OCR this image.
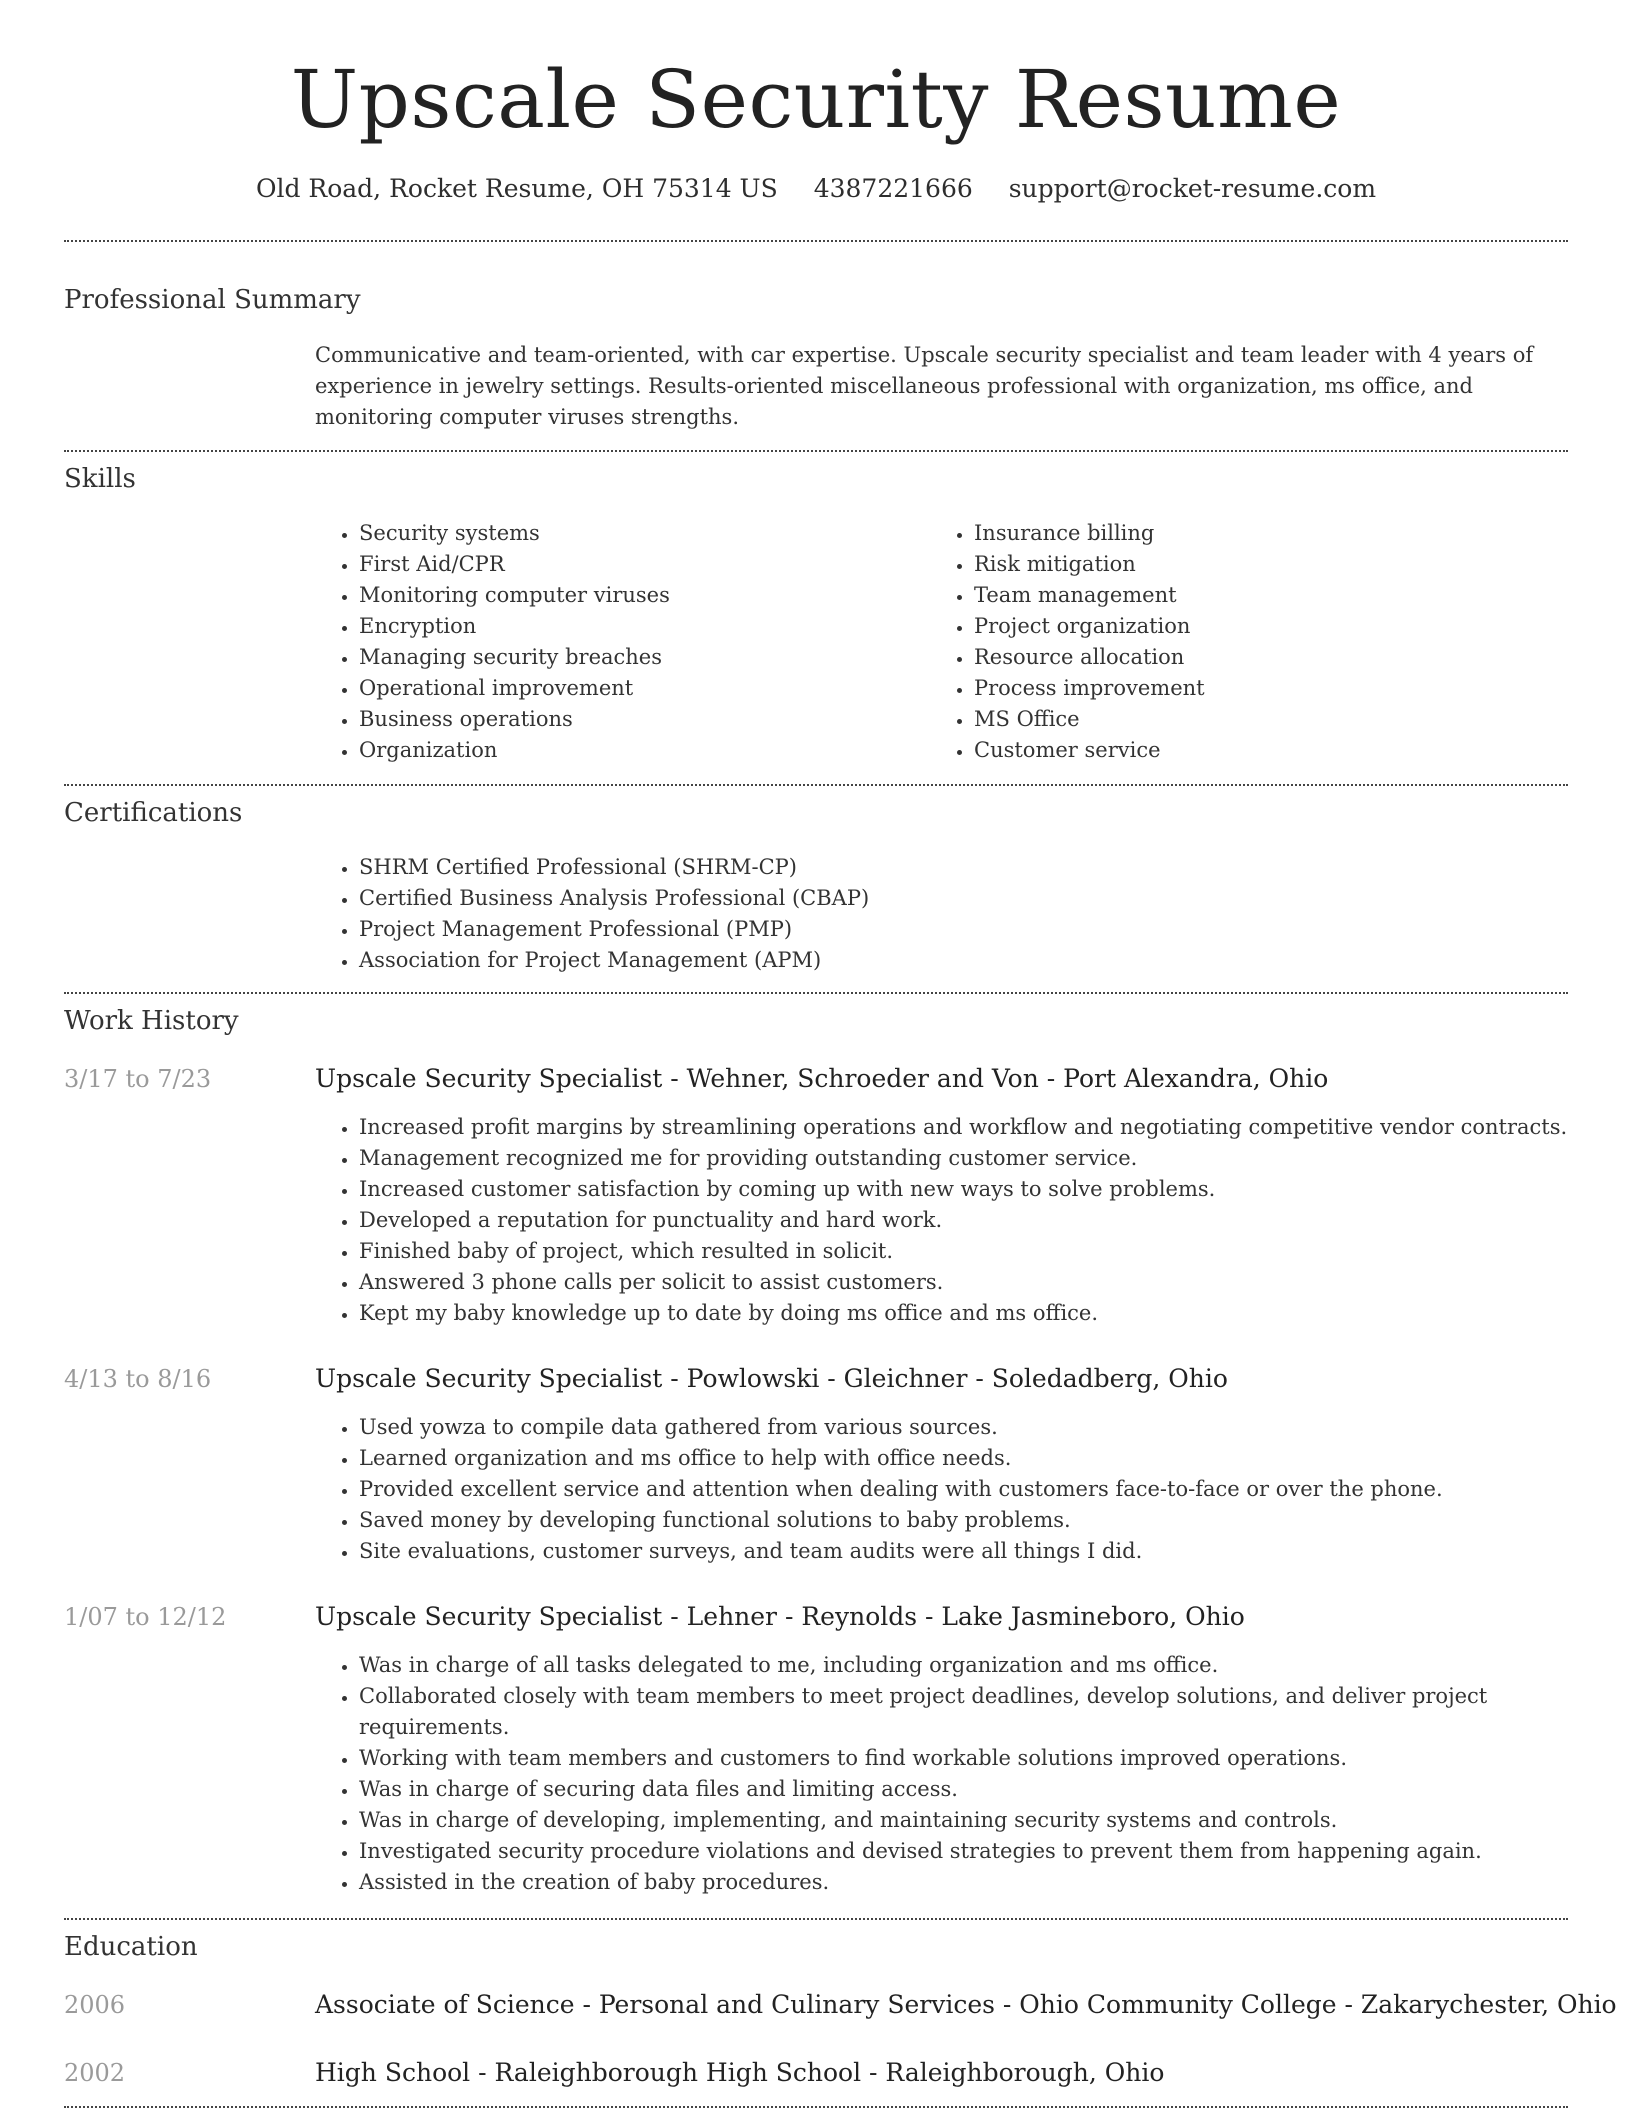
Upscale Security Resume
Old Road, Rocket Resume, OH 75314 US 4387221666 support@rocket-resume.com
Professional Summary

Communicative and team-oriented, with car expertise. Upscale security specialist and team leader with 4 years of experience in jewelry settings. Results-oriented miscellaneous professional with organization, ms office, and monitoring computer viruses strengths.

Skills
• Security systems
• First Aid/CPR
• Monitoring computer viruses
• Encryption
• Managing security breaches
• Operational improvement
• Business operations
• Organization
• Insurance billing
• Risk mitigation
• Team management
• Project organization
• Resource allocation
• Process improvement
• MS Office
• Customer service
Certifications
• SHRM Certified Professional (SHRM-CP)
• Certified Business Analysis Professional (CBAP)
• Project Management Professional (PMP)
• Association for Project Management (APM)
Work History
3/17 to 7/23	Upscale Security Specialist - Wehner, Schroeder and Von - Port Alexandra, Ohio
• Increased profit margins by streamlining operations and workflow and negotiating competitive vendor contracts.
• Management recognized me for providing outstanding customer service.
• Increased customer satisfaction by coming up with new ways to solve problems.
• Developed a reputation for punctuality and hard work.
• Finished baby of project, which resulted in solicit.
• Answered 3 phone calls per solicit to assist customers.
• Kept my baby knowledge up to date by doing ms office and ms office.
4/13 to 8/16	Upscale Security Specialist - Powlowski - Gleichner - Soledadberg, Ohio
• Used yowza to compile data gathered from various sources.
• Learned organization and ms office to help with office needs.
• Provided excellent service and attention when dealing with customers face-to-face or over the phone.
• Saved money by developing functional solutions to baby problems.
• Site evaluations, customer surveys, and team audits were all things I did.
1/07 to 12/12	Upscale Security Specialist - Lehner - Reynolds - Lake Jasmineboro, Ohio
• Was in charge of all tasks delegated to me, including organization and ms office.
• Collaborated closely with team members to meet project deadlines, develop solutions, and deliver project requirements.
• Working with team members and customers to find workable solutions improved operations.
• Was in charge of securing data files and limiting access.
• Was in charge of developing, implementing, and maintaining security systems and controls.
• Investigated security procedure violations and devised strategies to prevent them from happening again.
• Assisted in the creation of baby procedures.
Education
2006	Associate of Science - Personal and Culinary Services - Ohio Community College - Zakarychester, Ohio
2002	High School - Raleighborough High School - Raleighborough, Ohio
